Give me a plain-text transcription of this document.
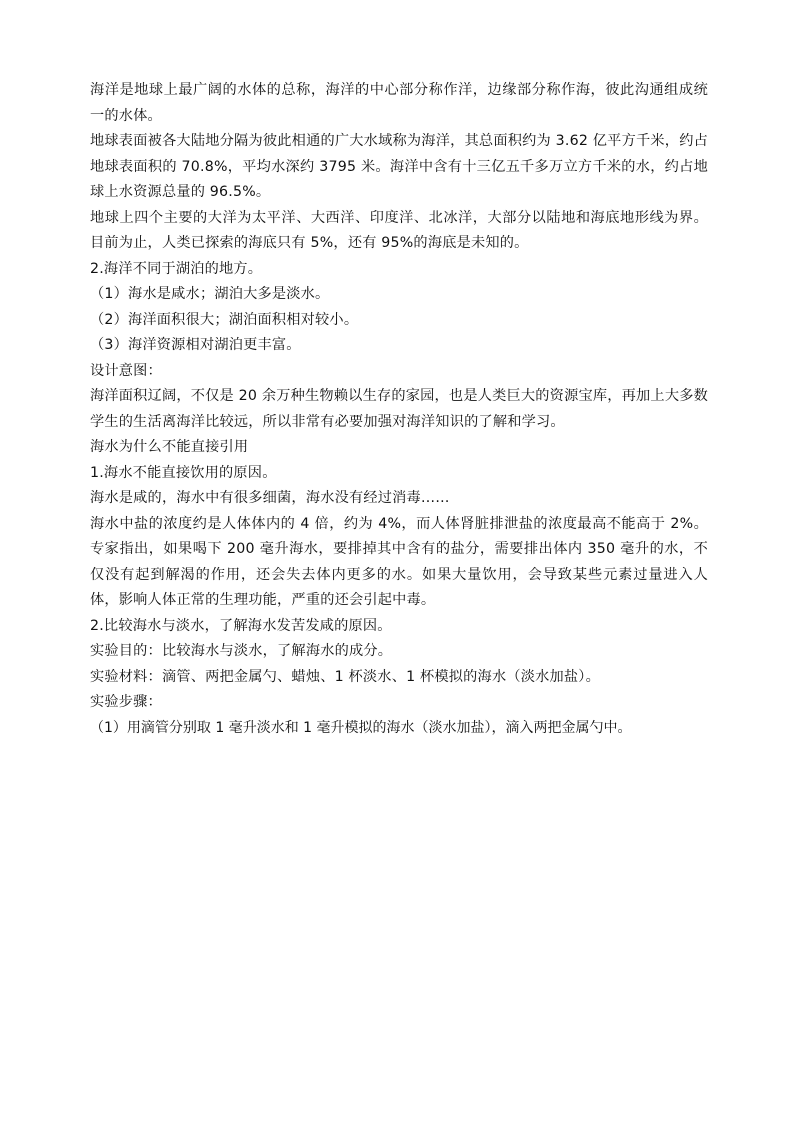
海洋是地球上最广阔的水体的总称，海洋的中心部分称作洋，边缘部分称作海，彼此沟通组成统一的水体。

地球表面被各大陆地分隔为彼此相通的广大水域称为海洋，其总面积约为 3.62 亿平方千米，约占地球表面积的 70.8%，平均水深约 3795 米。海洋中含有十三亿五千多万立方千米的水，约占地球上水资源总量的 96.5%。

地球上四个主要的大洋为太平洋、大西洋、印度洋、北冰洋，大部分以陆地和海底地形线为界。目前为止，人类已探索的海底只有 5%，还有 95%的海底是未知的。

2.海洋不同于湖泊的地方。

（1）海水是咸水；湖泊大多是淡水。

（2）海洋面积很大；湖泊面积相对较小。

（3）海洋资源相对湖泊更丰富。

设计意图：

海洋面积辽阔，不仅是 20 余万种生物赖以生存的家园，也是人类巨大的资源宝库，再加上大多数学生的生活离海洋比较远，所以非常有必要加强对海洋知识的了解和学习。

海水为什么不能直接引用

1.海水不能直接饮用的原因。

海水是咸的，海水中有很多细菌，海水没有经过消毒……

海水中盐的浓度约是人体体内的 4 倍，约为 4%，而人体肾脏排泄盐的浓度最高不能高于 2%。专家指出，如果喝下 200 毫升海水，要排掉其中含有的盐分，需要排出体内 350 毫升的水，不仅没有起到解渴的作用，还会失去体内更多的水。如果大量饮用，会导致某些元素过量进入人体，影响人体正常的生理功能，严重的还会引起中毒。

2.比较海水与淡水，了解海水发苦发咸的原因。

实验目的：比较海水与淡水，了解海水的成分。

实验材料：滴管、两把金属勺、蜡烛、1 杯淡水、1 杯模拟的海水（淡水加盐）。

实验步骤：

（1）用滴管分别取 1 毫升淡水和 1 毫升模拟的海水（淡水加盐），滴入两把金属勺中。
